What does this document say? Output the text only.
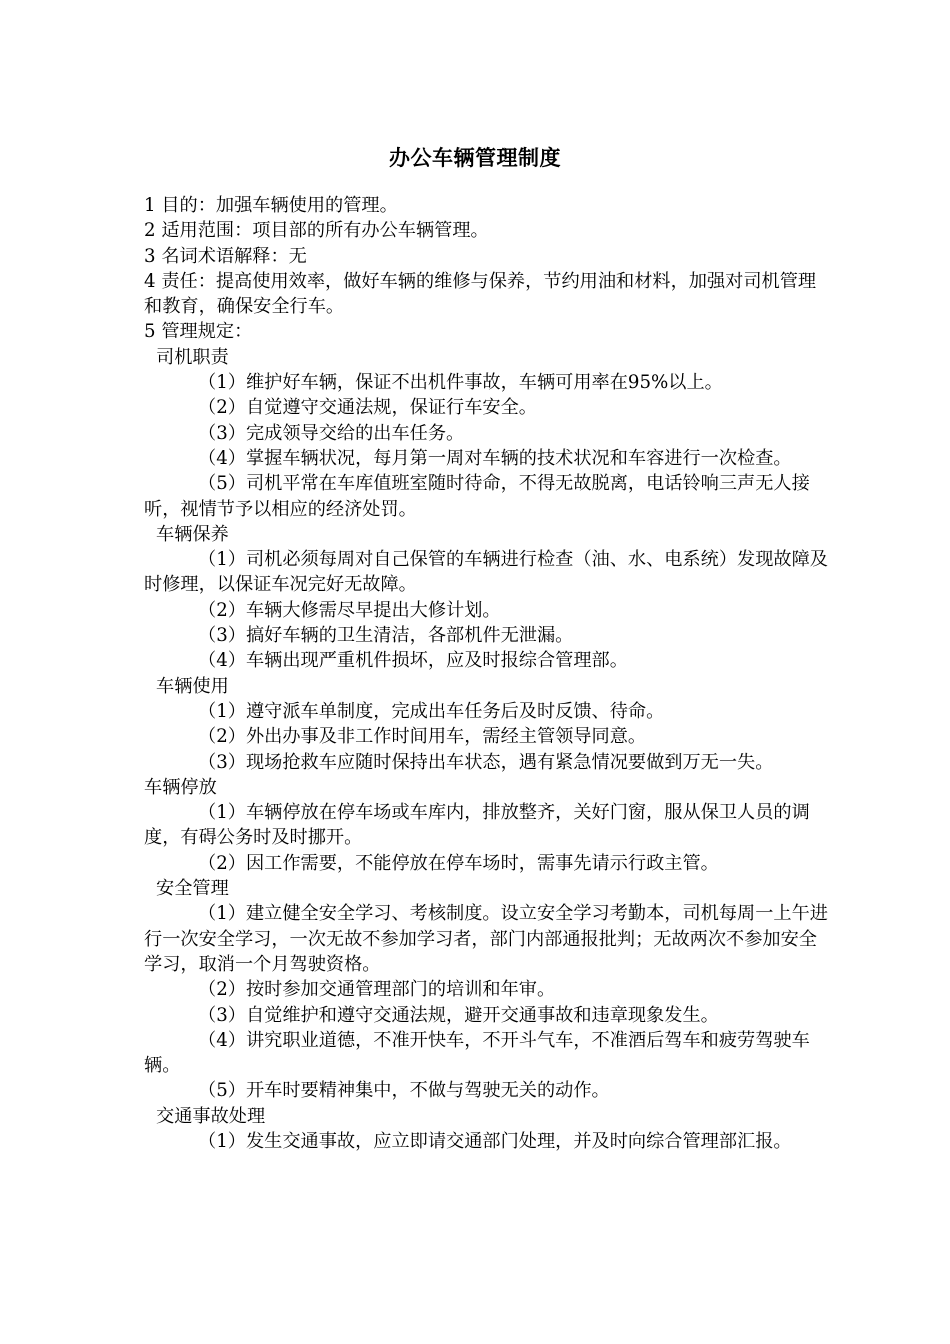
办公车辆管理制度

1 目的：加强车辆使用的管理。

2 适用范围：项目部的所有办公车辆管理。

3 名词术语解释：无

4 责任：提高使用效率，做好车辆的维修与保养，节约用油和材料，加强对司机管理和教育，确保安全行车。

5 管理规定：

司机职责

（1）维护好车辆，保证不出机件事故，车辆可用率在95%以上。

（2）自觉遵守交通法规，保证行车安全。

（3）完成领导交给的出车任务。

（4）掌握车辆状况，每月第一周对车辆的技术状况和车容进行一次检查。

（5）司机平常在车库值班室随时待命，不得无故脱离，电话铃响三声无人接听，视情节予以相应的经济处罚。

车辆保养

（1）司机必须每周对自己保管的车辆进行检查（油、水、电系统）发现故障及时修理，以保证车况完好无故障。

（2）车辆大修需尽早提出大修计划。

（3）搞好车辆的卫生清洁，各部机件无泄漏。

（4）车辆出现严重机件损坏，应及时报综合管理部。

车辆使用

（1）遵守派车单制度，完成出车任务后及时反馈、待命。

（2）外出办事及非工作时间用车，需经主管领导同意。

（3）现场抢救车应随时保持出车状态，遇有紧急情况要做到万无一失。

车辆停放

（1）车辆停放在停车场或车库内，排放整齐，关好门窗，服从保卫人员的调度，有碍公务时及时挪开。

（2）因工作需要，不能停放在停车场时，需事先请示行政主管。

安全管理

（1）建立健全安全学习、考核制度。设立安全学习考勤本，司机每周一上午进行一次安全学习，一次无故不参加学习者，部门内部通报批判；无故两次不参加安全学习，取消一个月驾驶资格。

（2）按时参加交通管理部门的培训和年审。

（3）自觉维护和遵守交通法规，避开交通事故和违章现象发生。

（4）讲究职业道德，不准开快车，不开斗气车，不准酒后驾车和疲劳驾驶车辆。

（5）开车时要精神集中，不做与驾驶无关的动作。

交通事故处理

（1）发生交通事故，应立即请交通部门处理，并及时向综合管理部汇报。
